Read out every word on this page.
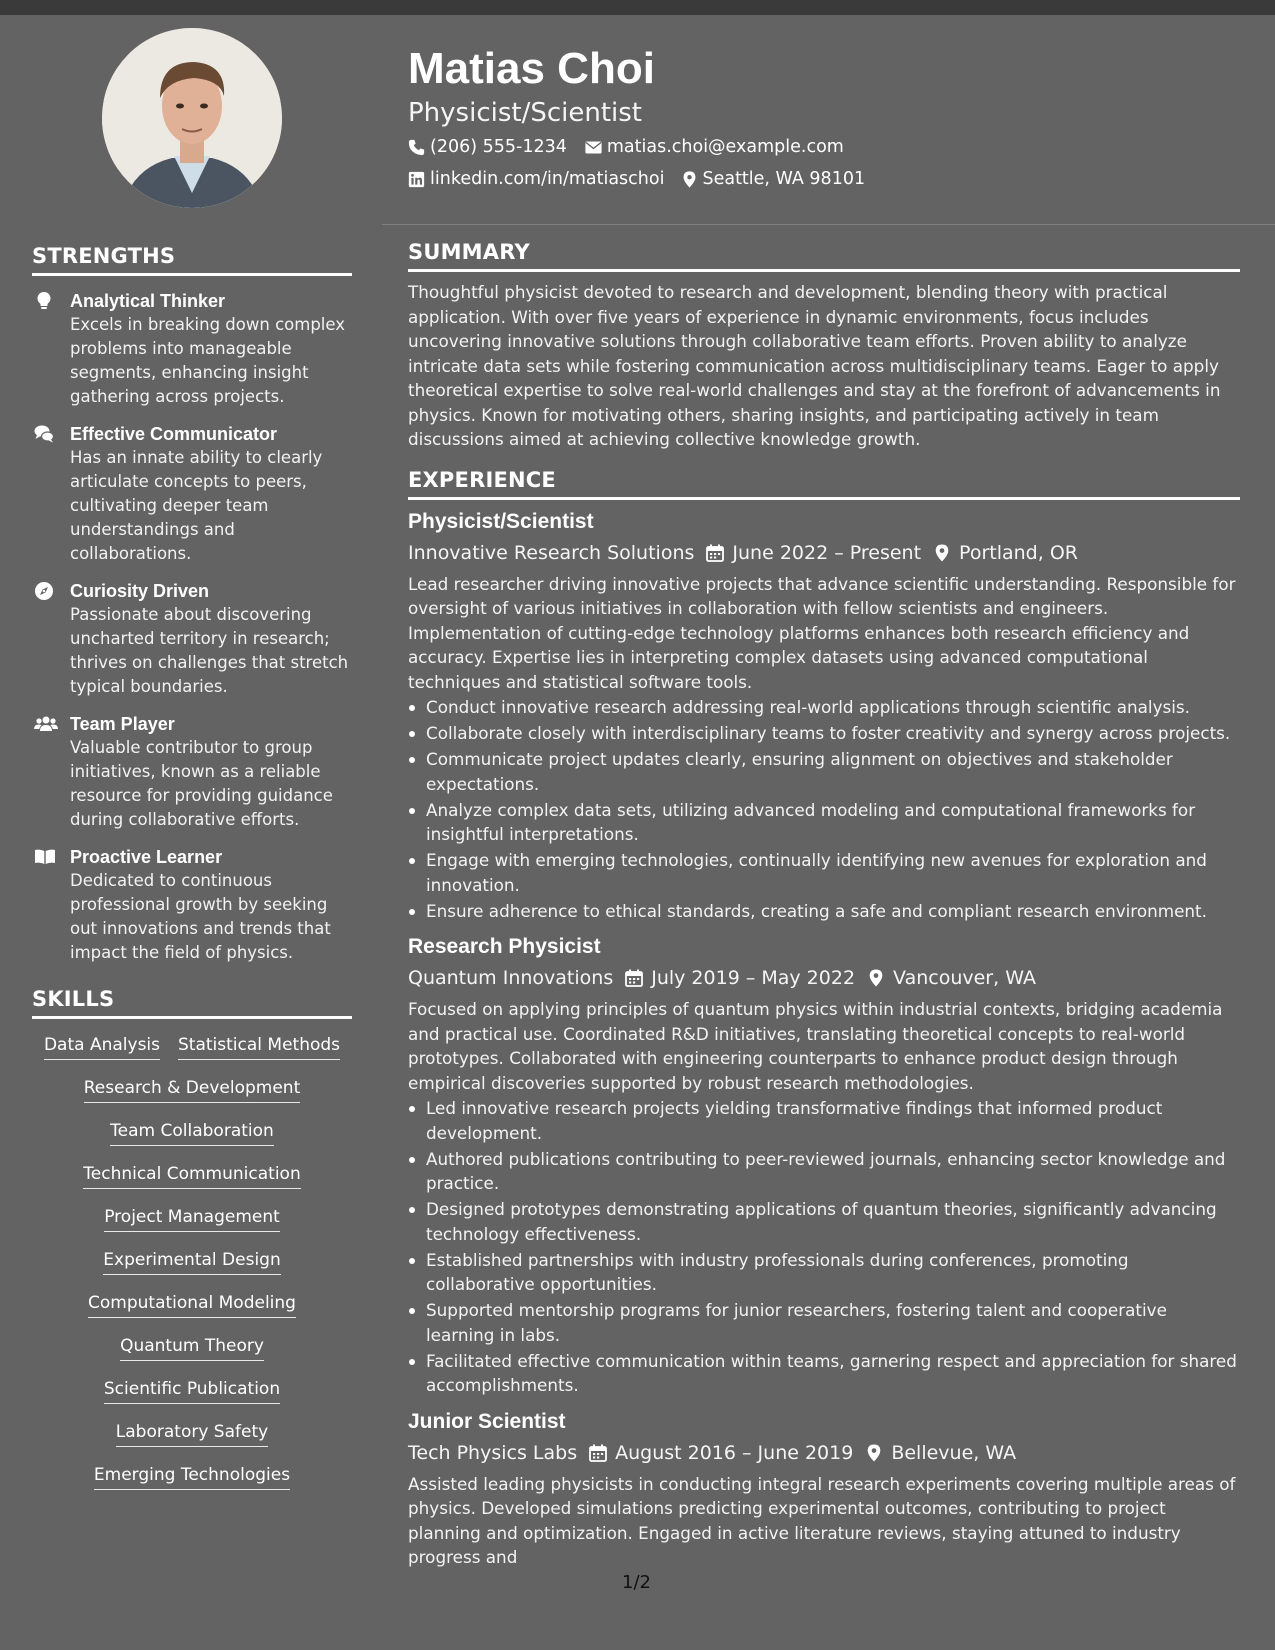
STRENGTHS
Analytical Thinker
Excels in breaking down complex problems into manageable segments, enhancing insight gathering across projects.
Effective Communicator
Has an innate ability to clearly articulate concepts to peers, cultivating deeper team understandings and collaborations.
Curiosity Driven
Passionate about discovering uncharted territory in research; thrives on challenges that stretch typical boundaries.
Team Player
Valuable contributor to group initiatives, known as a reliable resource for providing guidance during collaborative efforts.
Proactive Learner
Dedicated to continuous professional growth by seeking out innovations and trends that impact the field of physics.
SKILLS
Data Analysis Statistical Methods
Research & Development
Team Collaboration
Technical Communication
Project Management
Experimental Design
Computational Modeling
Quantum Theory
Scientific Publication
Laboratory Safety
Emerging Technologies
Matias Choi
Physicist/Scientist
(206) 555-1234 matias.choi@example.com
linkedin.com/in/matiaschoi Seattle, WA 98101
SUMMARY
Thoughtful physicist devoted to research and development, blending theory with practical application. With over five years of experience in dynamic environments, focus includes uncovering innovative solutions through collaborative team efforts. Proven ability to analyze intricate data sets while fostering communication across multidisciplinary teams. Eager to apply theoretical expertise to solve real-world challenges and stay at the forefront of advancements in physics. Known for motivating others, sharing insights, and participating actively in team discussions aimed at achieving collective knowledge growth.
EXPERIENCE
Physicist/Scientist
Innovative Research Solutions June 2022 – Present Portland, OR
Lead researcher driving innovative projects that advance scientific understanding. Responsible for oversight of various initiatives in collaboration with fellow scientists and engineers. Implementation of cutting-edge technology platforms enhances both research efficiency and accuracy. Expertise lies in interpreting complex datasets using advanced computational techniques and statistical software tools.
Conduct innovative research addressing real-world applications through scientific analysis.
Collaborate closely with interdisciplinary teams to foster creativity and synergy across projects.
Communicate project updates clearly, ensuring alignment on objectives and stakeholder expectations.
Analyze complex data sets, utilizing advanced modeling and computational frameworks for insightful interpretations.
Engage with emerging technologies, continually identifying new avenues for exploration and innovation.
Ensure adherence to ethical standards, creating a safe and compliant research environment.
Research Physicist
Quantum Innovations July 2019 – May 2022 Vancouver, WA
Focused on applying principles of quantum physics within industrial contexts, bridging academia and practical use. Coordinated R&D initiatives, translating theoretical concepts to real-world prototypes. Collaborated with engineering counterparts to enhance product design through empirical discoveries supported by robust research methodologies.
Led innovative research projects yielding transformative findings that informed product development.
Authored publications contributing to peer-reviewed journals, enhancing sector knowledge and practice.
Designed prototypes demonstrating applications of quantum theories, significantly advancing technology effectiveness.
Established partnerships with industry professionals during conferences, promoting collaborative opportunities.
Supported mentorship programs for junior researchers, fostering talent and cooperative learning in labs.
Facilitated effective communication within teams, garnering respect and appreciation for shared accomplishments.
Junior Scientist
Tech Physics Labs August 2016 – June 2019 Bellevue, WA
Assisted leading physicists in conducting integral research experiments covering multiple areas of physics. Developed simulations predicting experimental outcomes, contributing to project planning and optimization. Engaged in active literature reviews, staying attuned to industry progress and
1/2
